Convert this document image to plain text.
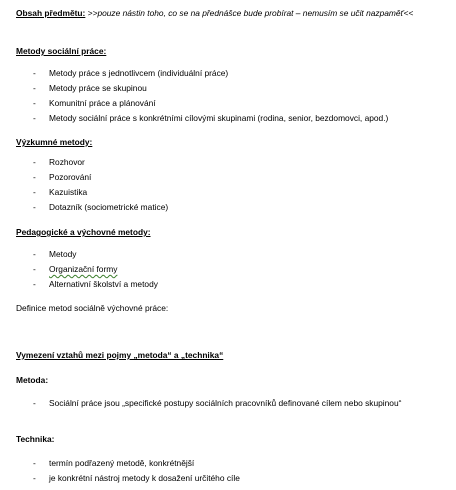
Obsah předmětu: >>pouze nástin toho, co se na přednášce bude probírat – nemusím se učit nazpaměť<<
Metody sociální práce:
- Metody práce s jednotlivcem (individuální práce)
- Metody práce se skupinou
- Komunitní práce a plánování
- Metody sociální práce s konkrétními cílovými skupinami (rodina, senior, bezdomovci, apod.)
Výzkumné metody:
- Rozhovor
- Pozorování
- Kazuistika
- Dotazník (sociometrické matice)
Pedagogické a výchovné metody:
- Metody
- Organizační formy
- Alternativní školství a metody
Definice metod sociálně výchovné práce:
Vymezení vztahů mezi pojmy „metoda“ a „technika“
Metoda:
- Sociální práce jsou „specifické postupy sociálních pracovníků definované cílem nebo skupinou“
Technika:
- termín podřazený metodě, konkrétnější
- je konkrétní nástroj metody k dosažení určitého cíle
